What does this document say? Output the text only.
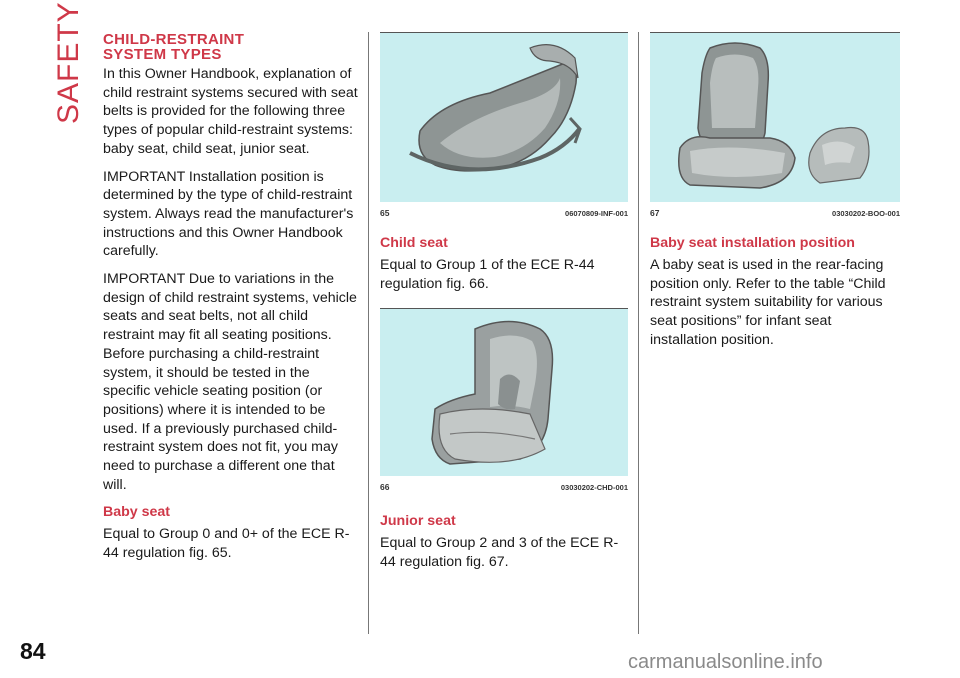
SAFETY CHILD-RESTRAINT
SYSTEM TYPES

In this Owner Handbook, explanation of child restraint systems secured with seat belts is provided for the following three types of popular child-restraint systems: baby seat, child seat, junior seat.

IMPORTANT Installation position is determined by the type of child-restraint system. Always read the manufacturer's instructions and this Owner Handbook carefully.

IMPORTANT Due to variations in the design of child restraint systems, vehicle seats and seat belts, not all child restraint may fit all seating positions. Before purchasing a child-restraint system, it should be tested in the specific vehicle seating position (or positions) where it is intended to be used. If a previously purchased child-restraint system does not fit, you may need to purchase a different one that will.

Baby seat

Equal to Group 0 and 0+ of the ECE R-44 regulation fig. 65.

65	06070809-INF-001
Child seat

Equal to Group 1 of the ECE R-44 regulation fig. 66.

66	03030202-CHD-001
Junior seat

Equal to Group 2 and 3 of the ECE R-44 regulation fig. 67.

67	03030202-BOO-001
Baby seat installation position

A baby seat is used in the rear-facing position only. Refer to the table “Child restraint system suitability for various seat positions” for infant seat installation position.

84	carmanualsonline.info
